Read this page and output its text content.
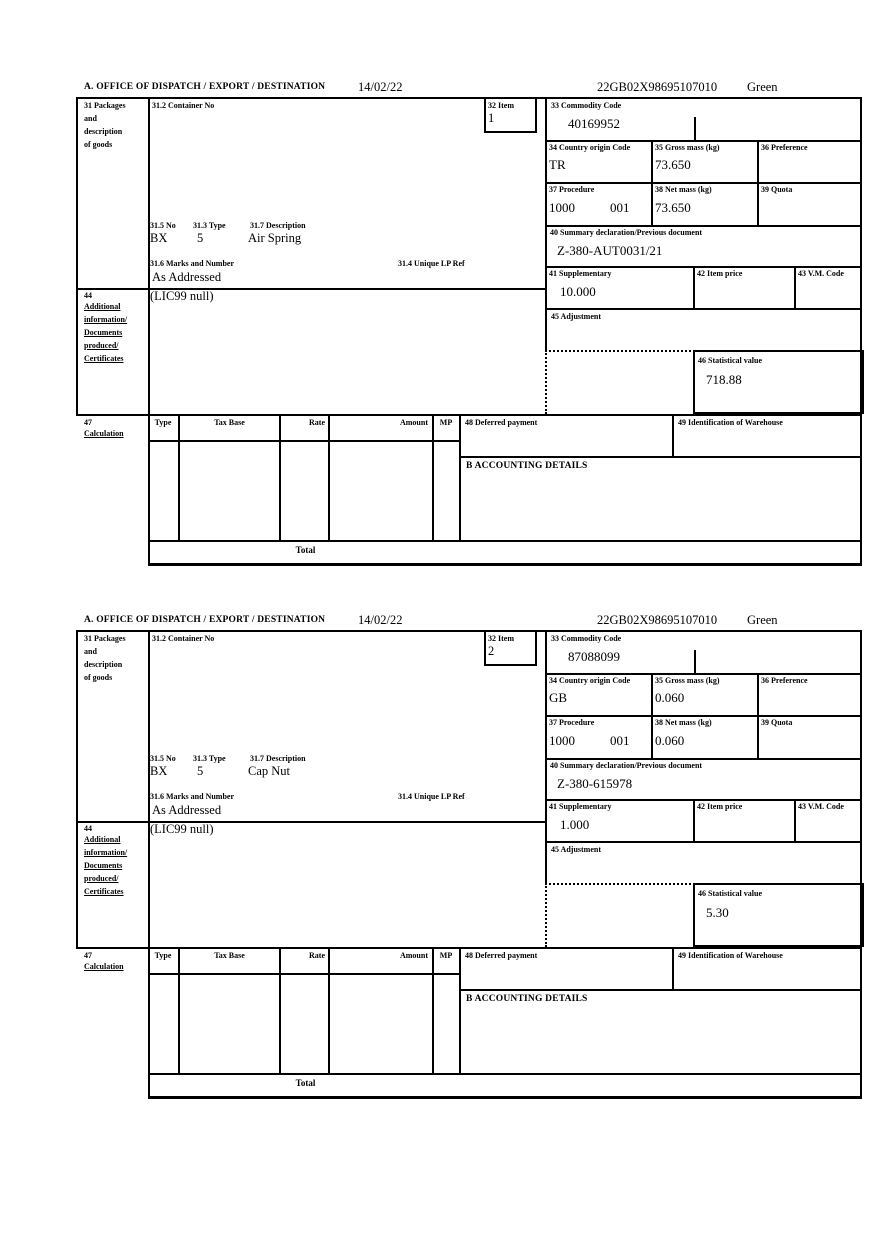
A. OFFICE OF DISPATCH / EXPORT / DESTINATION	14/02/22	22GB02X98695107010 Green
31 Packages
and
description
of goods
31.2 Container No	32 Item
1
33 Commodity Code
40169952
34 Country origin Code
TR
35 Gross mass (kg)
73.650
36 Preference
37 Procedure
1000	001
38 Net mass (kg)
73.650
39 Quota
40 Summary declaration/Previous document
Z-380-AUT0031/21
41 Supplementary
10.000
42 Item price	43 V.M. Code
45 Adjustment
46 Statistical value
718.88
31.5 No 31.3 Type	31.7 Description
BX 5	Air Spring
31.6 Marks and Number
As Addressed
31.4 Unique LP Ref
44
Additional
information/
Documents
produced/
Certificates
(LIC99 null)
47
Calculation
Type	Tax Base	Rate	Amount	MP	48 Deferred payment	49 Identification of Warehouse
B ACCOUNTING DETAILS
Total
A. OFFICE OF DISPATCH / EXPORT / DESTINATION	14/02/22	22GB02X98695107010 Green
31 Packages
and
description
of goods
31.2 Container No	32 Item
2
33 Commodity Code
87088099
34 Country origin Code
GB
35 Gross mass (kg)
0.060
36 Preference
37 Procedure
1000	001
38 Net mass (kg)
0.060
39 Quota
40 Summary declaration/Previous document
Z-380-615978
41 Supplementary
1.000
42 Item price	43 V.M. Code
45 Adjustment
46 Statistical value
5.30
31.5 No 31.3 Type	31.7 Description
BX 5	Cap Nut
31.6 Marks and Number
As Addressed
31.4 Unique LP Ref
44
Additional
information/
Documents
produced/
Certificates
(LIC99 null)
47
Calculation
Type	Tax Base	Rate	Amount	MP	48 Deferred payment	49 Identification of Warehouse
B ACCOUNTING DETAILS
Total
